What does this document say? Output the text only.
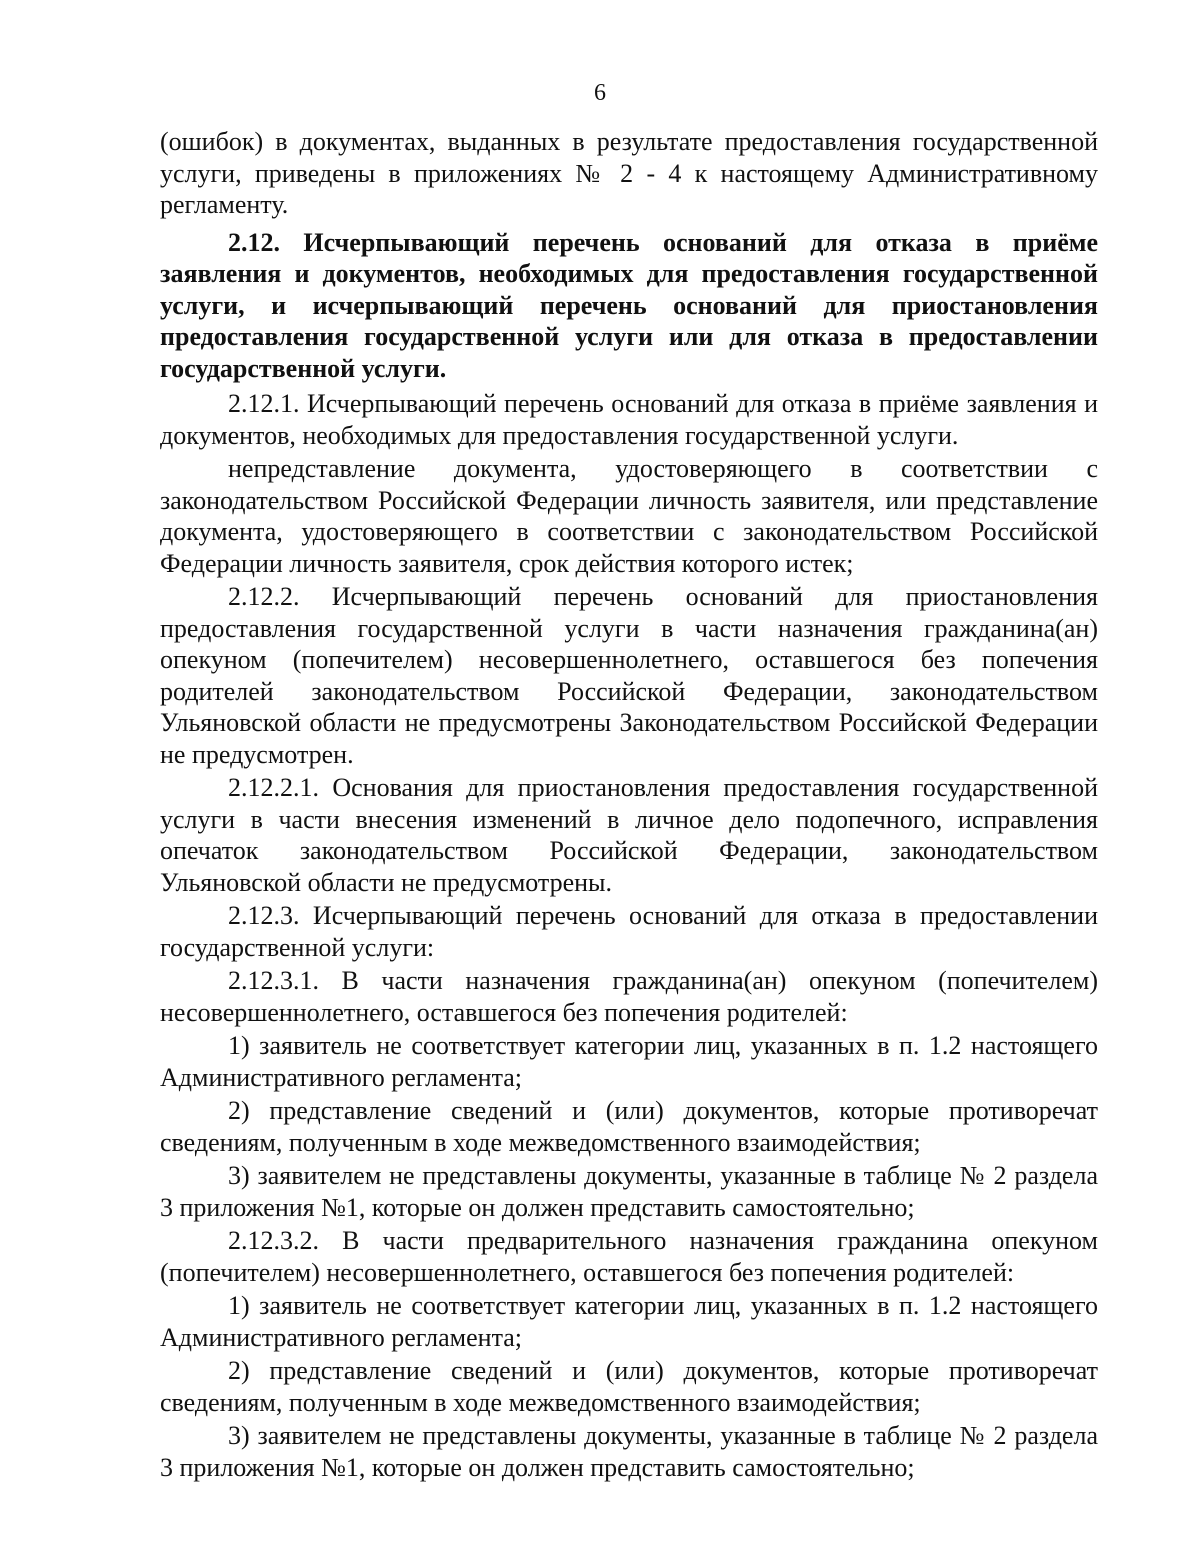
6

(ошибок) в документах, выданных в результате предоставления государственной услуги, приведены в приложениях № 2 - 4 к настоящему Административному регламенту.

2.12. Исчерпывающий перечень оснований для отказа в приёме заявления и документов, необходимых для предоставления государственной услуги, и исчерпывающий перечень оснований для приостановления предоставления государственной услуги или для отказа в предоставлении государственной услуги.

2.12.1. Исчерпывающий перечень оснований для отказа в приёме заявления и документов, необходимых для предоставления государственной услуги.

непредставление документа, удостоверяющего в соответствии с законодательством Российской Федерации личность заявителя, или представление документа, удостоверяющего в соответствии с законодательством Российской Федерации личность заявителя, срок действия которого истек;

2.12.2. Исчерпывающий перечень оснований для приостановления предоставления государственной услуги в части назначения гражданина(ан) опекуном (попечителем) несовершеннолетнего, оставшегося без попечения родителей законодательством Российской Федерации, законодательством Ульяновской области не предусмотрены Законодательством Российской Федерации не предусмотрен.

2.12.2.1. Основания для приостановления предоставления государственной услуги в части внесения изменений в личное дело подопечного, исправления опечаток законодательством Российской Федерации, законодательством Ульяновской области не предусмотрены.

2.12.3. Исчерпывающий перечень оснований для отказа в предоставлении государственной услуги:

2.12.3.1. В части назначения гражданина(ан) опекуном (попечителем) несовершеннолетнего, оставшегося без попечения родителей:

1) заявитель не соответствует категории лиц, указанных в п. 1.2 настоящего Административного регламента;

2) представление сведений и (или) документов, которые противоречат сведениям, полученным в ходе межведомственного взаимодействия;

3) заявителем не представлены документы, указанные в таблице № 2 раздела 3 приложения №1, которые он должен представить самостоятельно;

2.12.3.2. В части предварительного назначения гражданина опекуном (попечителем) несовершеннолетнего, оставшегося без попечения родителей:

1) заявитель не соответствует категории лиц, указанных в п. 1.2 настоящего Административного регламента;

2) представление сведений и (или) документов, которые противоречат сведениям, полученным в ходе межведомственного взаимодействия;

3) заявителем не представлены документы, указанные в таблице № 2 раздела 3 приложения №1, которые он должен представить самостоятельно;
